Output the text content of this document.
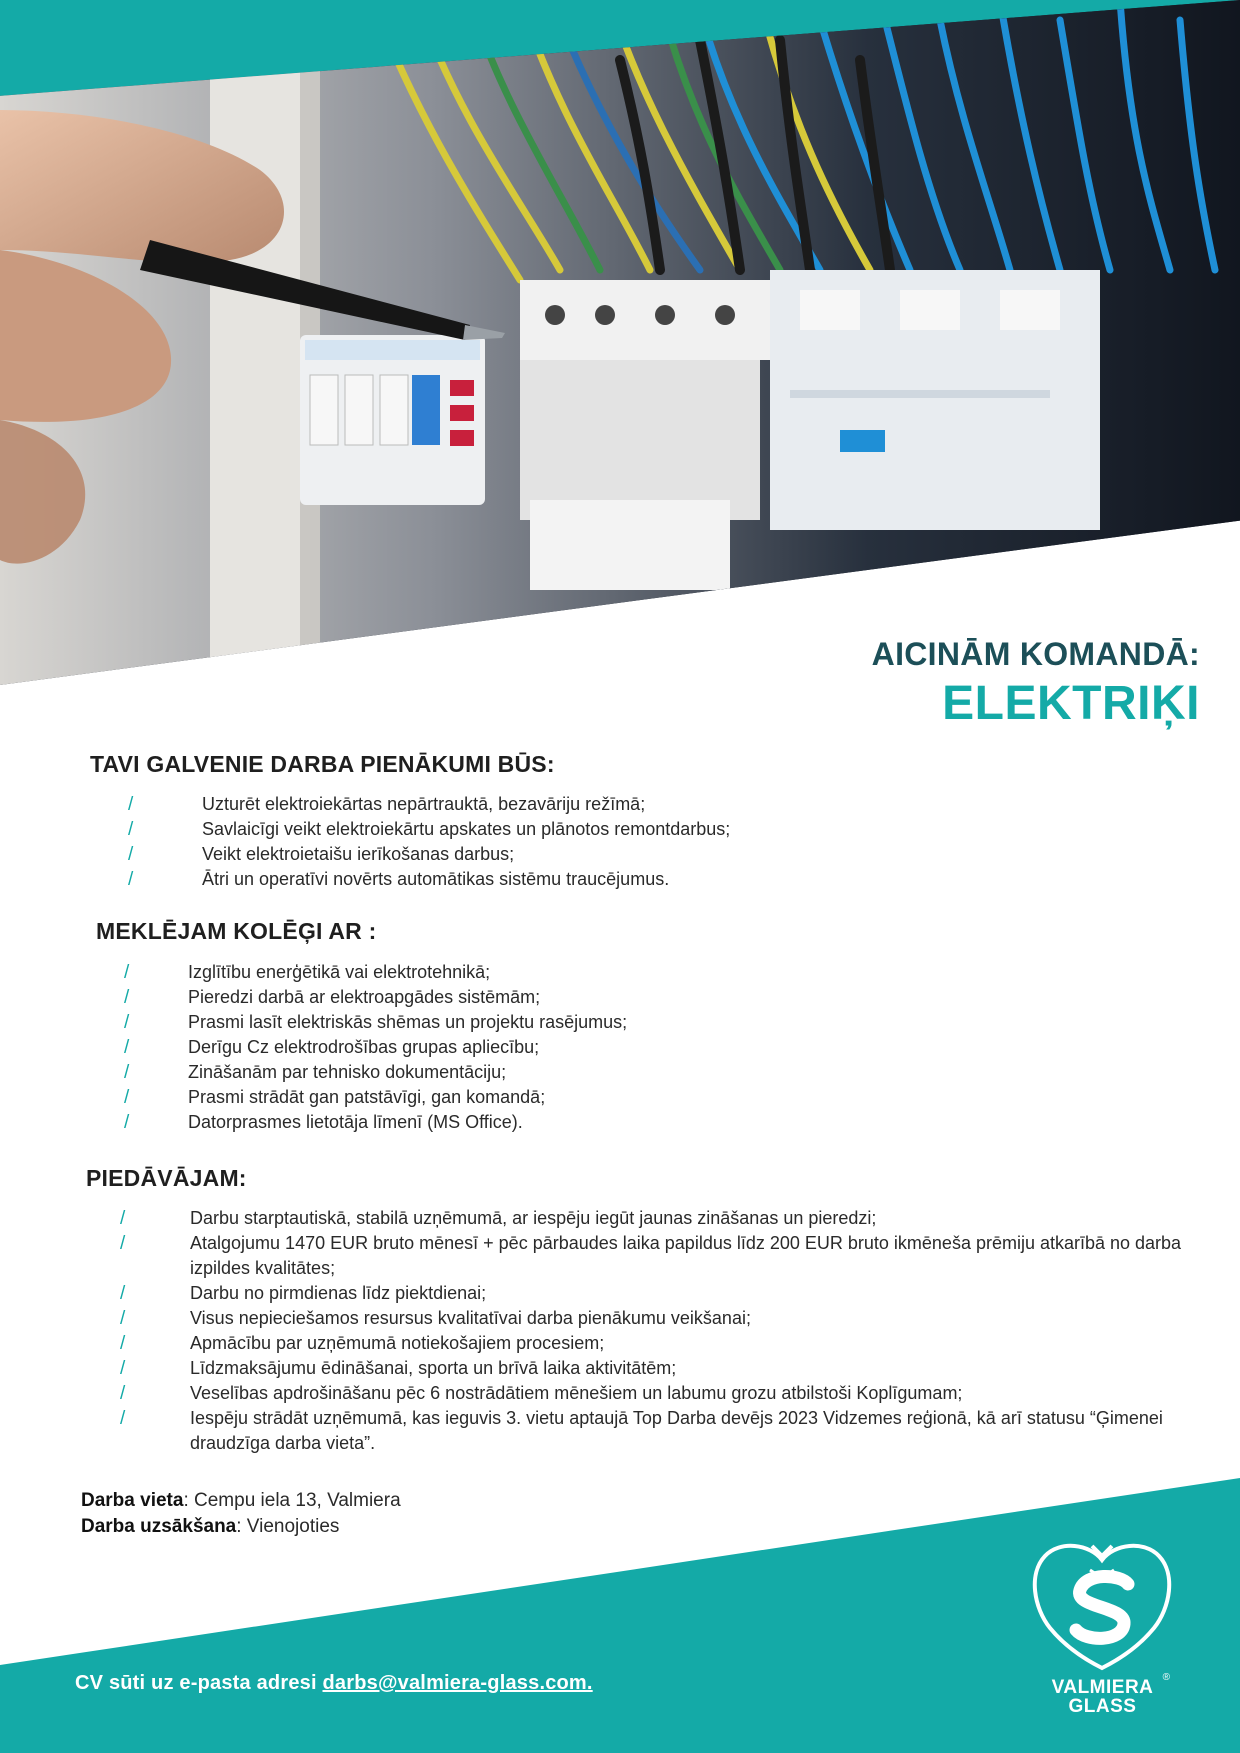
AICINĀM KOMANDĀ:
ELEKTRIĶI
TAVI GALVENIE DARBA PIENĀKUMI BŪS:
/	Uzturēt elektroiekārtas nepārtrauktā, bezavāriju režīmā;
/	Savlaicīgi veikt elektroiekārtu apskates un plānotos remontdarbus;
/	Veikt elektroietaišu ierīkošanas darbus;
/	Ātri un operatīvi novērts automātikas sistēmu traucējumus.
MEKLĒJAM KOLĒĢI AR :
/	Izglītību enerģētikā vai elektrotehnikā;
/	Pieredzi darbā ar elektroapgādes sistēmām;
/	Prasmi lasīt elektriskās shēmas un projektu rasējumus;
/	Derīgu Cz elektrodrošības grupas apliecību;
/	Zināšanām par tehnisko dokumentāciju;
/	Prasmi strādāt gan patstāvīgi, gan komandā;
/	Datorprasmes lietotāja līmenī (MS Office).
PIEDĀVĀJAM:
/	Darbu starptautiskā, stabilā uzņēmumā, ar iespēju iegūt jaunas zināšanas un pieredzi;
/	Atalgojumu 1470 EUR bruto mēnesī + pēc pārbaudes laika papildus līdz 200 EUR bruto ikmēneša prēmiju atkarībā no darba izpildes kvalitātes;
/	Darbu no pirmdienas līdz piektdienai;
/	Visus nepieciešamos resursus kvalitatīvai darba pienākumu veikšanai;
/	Apmācību par uzņēmumā notiekošajiem procesiem;
/	Līdzmaksājumu ēdināšanai, sporta un brīvā laika aktivitātēm;
/	Veselības apdrošināšanu pēc 6 nostrādātiem mēnešiem un labumu grozu atbilstoši Koplīgumam;
/	Iespēju strādāt uzņēmumā, kas ieguvis 3. vietu aptaujā Top Darba devējs 2023 Vidzemes reģionā, kā arī statusu “Ģimenei draudzīga darba vieta”.
Darba vieta: Cempu iela 13, Valmiera
Darba uzsākšana: Vienojoties
CV sūti uz e-pasta adresi darbs@valmiera-glass.com.	VALMIERA
GLASS
®
